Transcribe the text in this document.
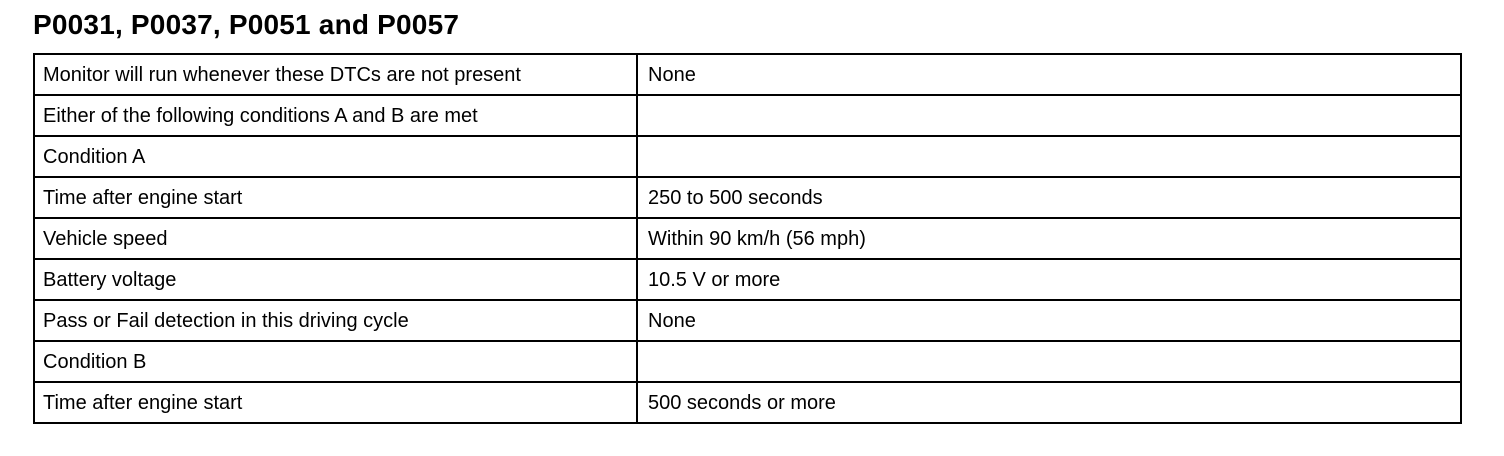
P0031, P0037, P0051 and P0057
Monitor will run whenever these DTCs are not present	None
Either of the following conditions A and B are met	
Condition A	
Time after engine start	250 to 500 seconds
Vehicle speed	Within 90 km/h (56 mph)
Battery voltage	10.5 V or more
Pass or Fail detection in this driving cycle	None
Condition B	
Time after engine start	500 seconds or more
